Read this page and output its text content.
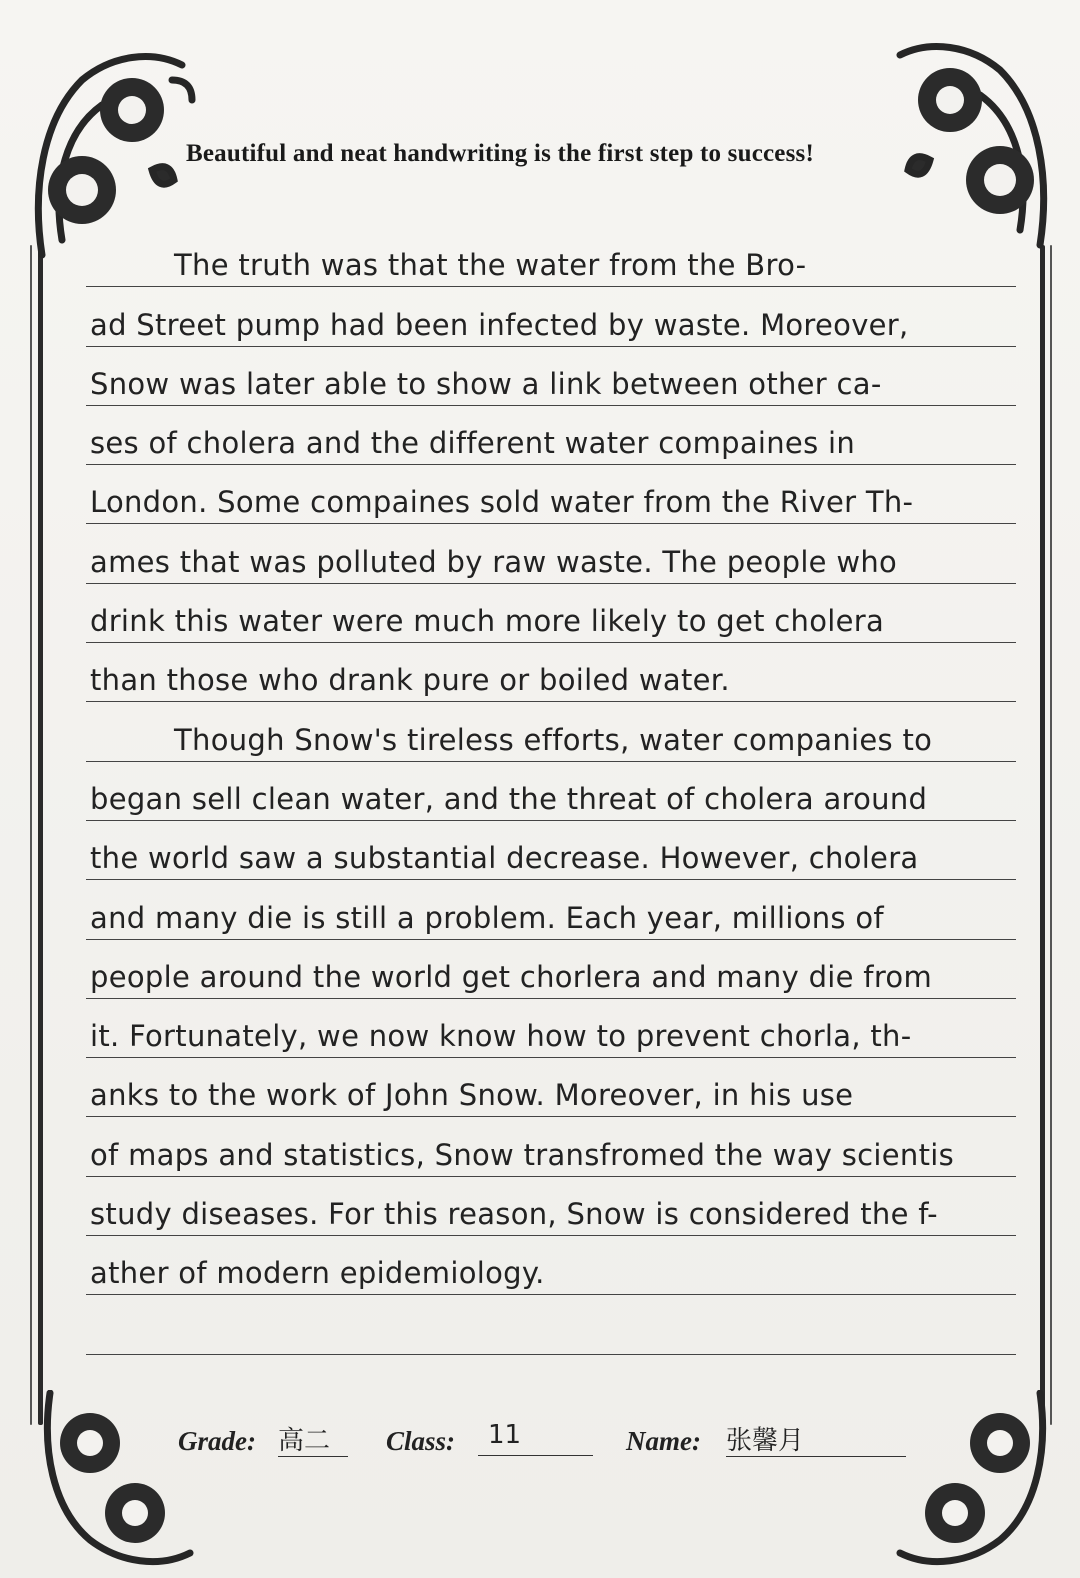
Beautiful and neat handwriting is the first step to success!
The truth was that the water from the Bro-
ad Street pump had been infected by waste. Moreover,
Snow was later able to show a link between other ca-
ses of cholera and the different water compaines in
London. Some compaines sold water from the River Th-
ames that was polluted by raw waste. The people who
drink this water were much more likely to get cholera
than those who drank pure or boiled water.
Though Snow's tireless efforts, water companies to
began sell clean water, and the threat of cholera around
the world saw a substantial decrease. However, cholera
and many die is still a problem. Each year, millions of
people around the world get chorlera and many die from
it. Fortunately, we now know how to prevent chorla, th-
anks to the work of John Snow. Moreover, in his use
of maps and statistics, Snow transfromed the way scientis
study diseases. For this reason, Snow is considered the f-
ather of modern epidemiology.
Grade: 高二	Class:	11	Name: 张馨月
